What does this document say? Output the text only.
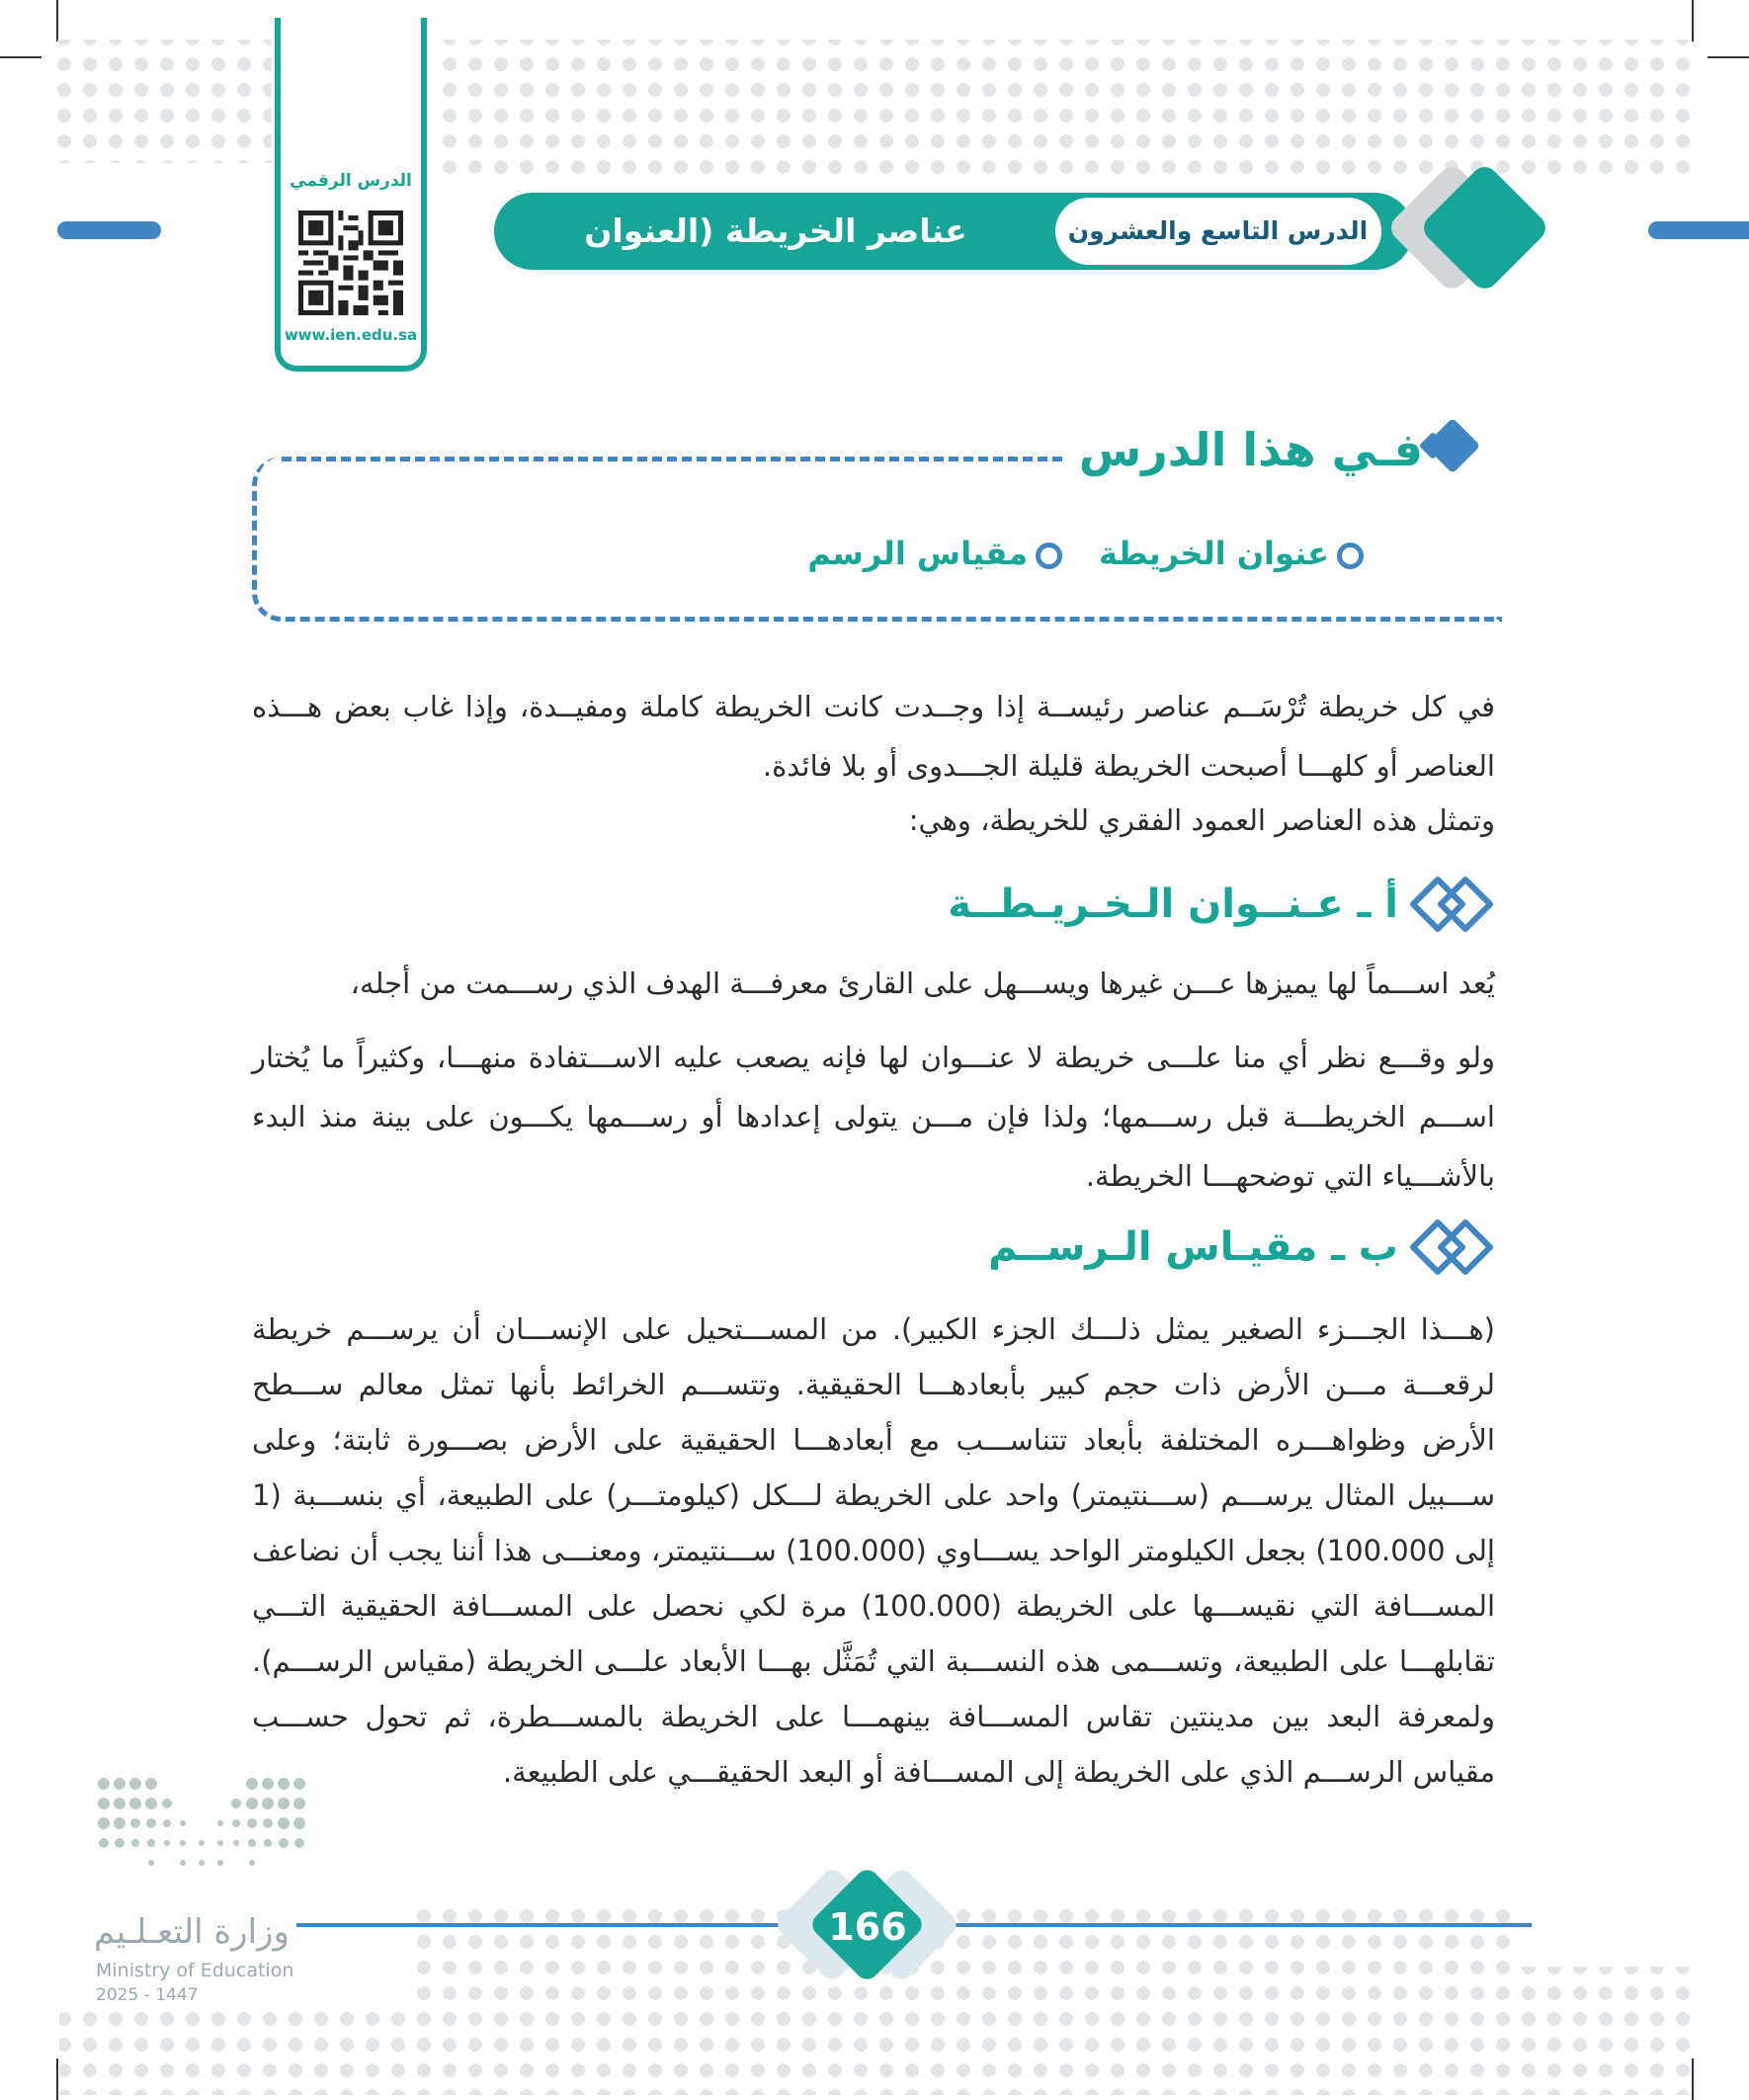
الدرس الرقمي
www.ien.edu.sa
الدرس التاسع والعشرون
عناصر الخريطة (العنوان والمقياس)
فـي هذا الدرس
عنوان الخريطة
مقياس الرسم
في كل خريطة تُرْسَــم عناصر رئيســة إذا وجــدت كانت الخريطة كاملة ومفيــدة، وإذا غاب بعض هـــذه العناصر أو كلهـــا أصبحت الخريطة قليلة الجـــدوى أو بلا فائدة.
وتمثل هذه العناصر العمود الفقري للخريطة، وهي:
أ ـ عـنــوان الـخـريـطــة
يُعد اســـماً لها يميزها عـــن غيرها ويســـهل على القارئ معرفـــة الهدف الذي رســـمت من أجله،
ولو وقـــع نظر أي منا علـــى خريطة لا عنـــوان لها فإنه يصعب عليه الاســـتفادة منهـــا، وكثيراً ما يُختار اســـم الخريطـــة قبل رســـمها؛ ولذا فإن مـــن يتولى إعدادها أو رســـمها يكـــون على بينة منذ البدء بالأشـــياء التي توضحهـــا الخريطة.
ب ـ مقيـاس الـرســم
(هـــذا الجـــزء الصغير يمثل ذلـــك الجزء الكبير). من المســـتحيل على الإنســـان أن يرســـم خريطة لرقعـــة مـــن الأرض ذات حجم كبير بأبعادهـــا الحقيقية. وتتســـم الخرائط بأنها تمثل معالم ســـطح الأرض وظواهـــره المختلفة بأبعاد تتناســـب مع أبعادهـــا الحقيقية على الأرض بصـــورة ثابتة؛ وعلى ســـبيل المثال يرســـم (ســـنتيمتر) واحد على الخريطة لـــكل (كيلومتـــر) على الطبيعة، أي بنســـبة (1 إلى 100.000) بجعل الكيلومتر الواحد يســـاوي (100.000) ســـنتيمتر، ومعنـــى هذا أننا يجب أن نضاعف المســـافة التي نقيســـها على الخريطة (100.000) مرة لكي نحصل على المســـافة الحقيقية التـــي تقابلهـــا على الطبيعة، وتســـمى هذه النســـبة التي تُمَثَّل بهـــا الأبعاد علـــى الخريطة (مقياس الرســـم). ولمعرفة البعد بين مدينتين تقاس المســـافة بينهمـــا على الخريطة بالمســـطرة، ثم تحول حســـب مقياس الرســـم الذي على الخريطة إلى المســـافة أو البعد الحقيقـــي على الطبيعة.
166
وزارة التعـلـيم
Ministry of Education
2025 - 1447
